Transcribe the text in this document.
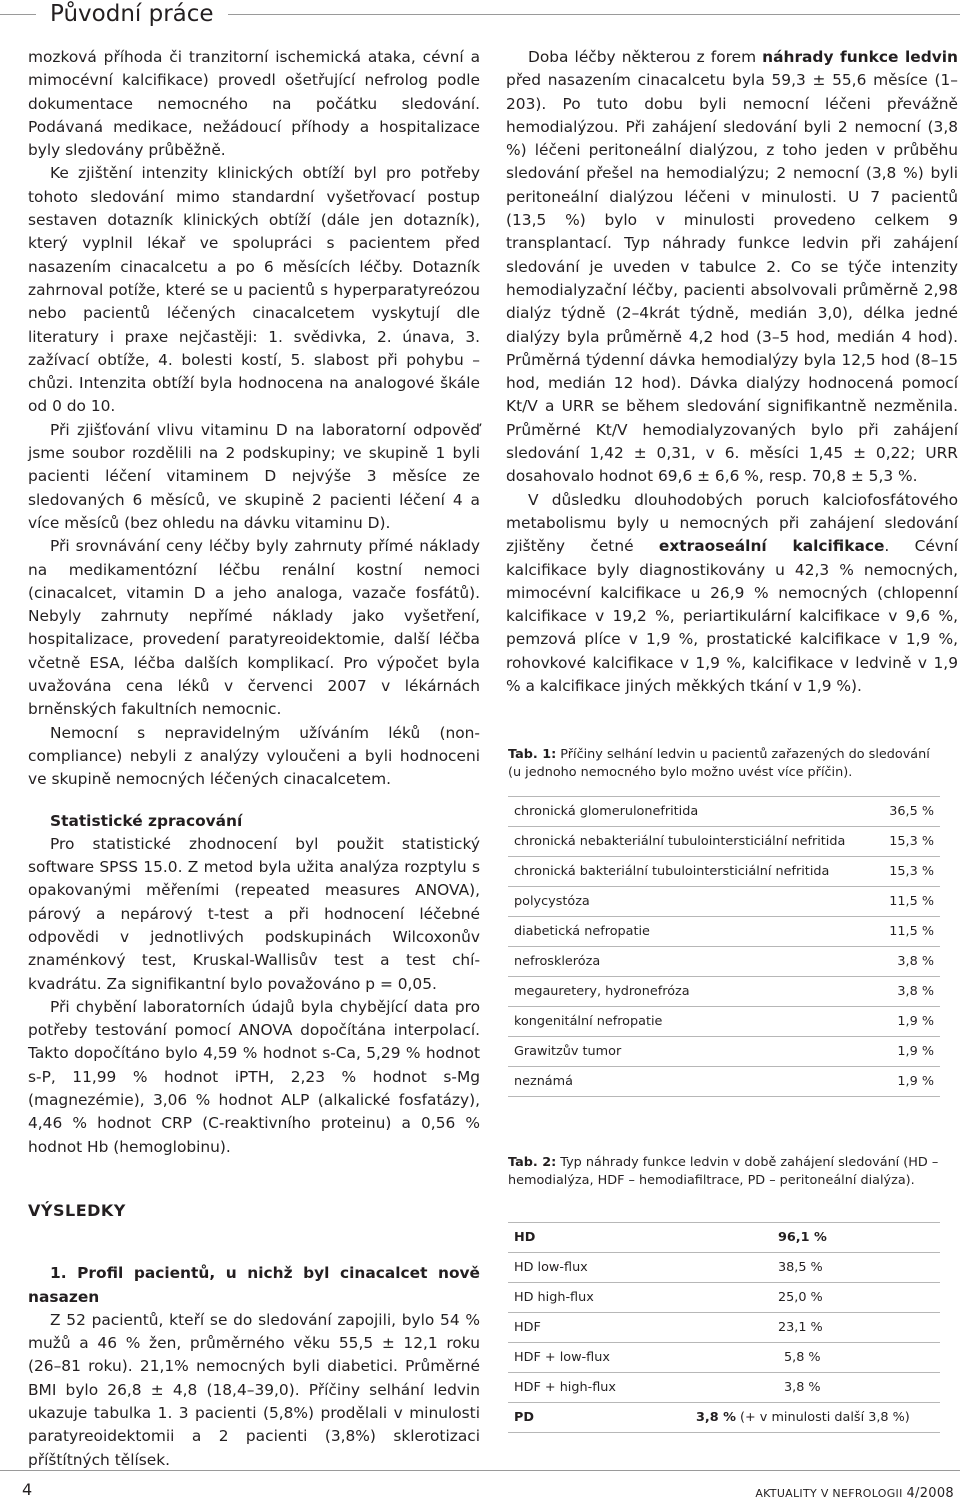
Původní práce

mozková příhoda či tranzitorní ischemická ataka, cévní a mimocévní kalcifikace) provedl ošetřující nefrolog podle dokumentace nemocného na počátku sledování. Podávaná medikace, nežádoucí příhody a hospitalizace byly sledovány průběžně.

Ke zjištění intenzity klinických obtíží byl pro potřeby tohoto sledování mimo standardní vyšetřovací postup sestaven dotazník klinických obtíží (dále jen dotazník), který vyplnil lékař ve spolupráci s pacientem před nasazením cinacalcetu a po 6 měsících léčby. Dotazník zahrnoval potíže, které se u pacientů s hyperparatyreózou nebo pacientů léčených cinacalcetem vyskytují dle literatury i praxe nejčastěji: 1. svědivka, 2. únava, 3. zažívací obtíže, 4. bolesti kostí, 5. slabost při pohybu – chůzi. Intenzita obtíží byla hodnocena na analogové škále od 0 do 10.

Při zjišťování vlivu vitaminu D na laboratorní odpověď jsme soubor rozdělili na 2 podskupiny; ve skupině 1 byli pacienti léčení vitaminem D nejvýše 3 měsíce ze sledovaných 6 měsíců, ve skupině 2 pacienti léčení 4 a více měsíců (bez ohledu na dávku vitaminu D).

Při srovnávání ceny léčby byly zahrnuty přímé náklady na medikamentózní léčbu renální kostní nemoci (cinacalcet, vitamin D a jeho analoga, vazače fosfátů). Nebyly zahrnuty nepřímé náklady jako vyšetření, hospitalizace, provedení paratyreoidektomie, další léčba včetně ESA, léčba dalších komplikací. Pro výpočet byla uvažována cena léků v červenci 2007 v lékárnách brněnských fakultních nemocnic.

Nemocní s nepravidelným užíváním léků (non-compliance) nebyli z analýzy vyloučeni a byli hodnoceni ve skupině nemocných léčených cinacalcetem.

Statistické zpracování

Pro statistické zhodnocení byl použit statistický software SPSS 15.0. Z metod byla užita analýza rozptylu s opakovanými měřeními (repeated measures ANOVA), párový a nepárový t-test a při hodnocení léčebné odpovědi v jednotlivých podskupinách Wilcoxonův znaménkový test, Kruskal-Wallisův test a test chí-kvadrátu. Za signifikantní bylo považováno p = 0,05.

Při chybění laboratorních údajů byla chybějící data pro potřeby testování pomocí ANOVA dopočítána interpolací. Takto dopočítáno bylo 4,59 % hodnot s-Ca, 5,29 % hodnot s-P, 11,99 % hodnot iPTH, 2,23 % hodnot s-Mg (magnezémie), 3,06 % hodnot ALP (alkalické fosfatázy), 4,46 % hodnot CRP (C-reaktivního proteinu) a 0,56 % hodnot Hb (hemoglobinu).

VÝSLEDKY

1. Profil pacientů, u nichž byl cinacalcet nově nasazen

Z 52 pacientů, kteří se do sledování zapojili, bylo 54 % mužů a 46 % žen, průměrného věku 55,5 ± 12,1 roku (26–81 roku). 21,1% nemocných byli diabetici. Průměrné BMI bylo 26,8 ± 4,8 (18,4–39,0). Příčiny selhání ledvin ukazuje tabulka 1. 3 pacienti (5,8%) prodělali v minulosti paratyreoidektomii a 2 pacienti (3,8%) sklerotizaci příštítných tělísek.

Doba léčby některou z forem náhrady funkce ledvin před nasazením cinacalcetu byla 59,3 ± 55,6 měsíce (1–203). Po tuto dobu byli nemocní léčeni převážně hemodialýzou. Při zahájení sledování byli 2 nemocní (3,8 %) léčeni peritoneální dialýzou, z toho jeden v průběhu sledování přešel na hemodialýzu; 2 nemocní (3,8 %) byli peritoneální dialýzou léčeni v minulosti. U 7 pacientů (13,5 %) bylo v minulosti provedeno celkem 9 transplantací. Typ náhrady funkce ledvin při zahájení sledování je uveden v tabulce 2. Co se týče intenzity hemodialyzační léčby, pacienti absolvovali průměrně 2,98 dialýz týdně (2–4krát týdně, medián 3,0), délka jedné dialýzy byla průměrně 4,2 hod (3–5 hod, medián 4 hod). Průměrná týdenní dávka hemodialýzy byla 12,5 hod (8–15 hod, medián 12 hod). Dávka dialýzy hodnocená pomocí Kt/V a URR se během sledování signifikantně nezměnila. Průměrné Kt/V hemodialyzovaných bylo při zahájení sledování 1,42 ± 0,31, v 6. měsíci 1,45 ± 0,22; URR dosahovalo hodnot 69,6 ± 6,6 %, resp. 70,8 ± 5,3 %.

V důsledku dlouhodobých poruch kalciofosfátového metabolismu byly u nemocných při zahájení sledování zjištěny četné extraoseální kalcifikace. Cévní kalcifikace byly diagnostikovány u 42,3 % nemocných, mimocévní kalcifikace u 26,9 % nemocných (chlopenní kalcifikace v 19,2 %, periartikulární kalcifikace v 9,6 %, pemzová plíce v 1,9 %, prostatické kalcifikace v 1,9 %, rohovkové kalcifikace v 1,9 %, kalcifikace v ledvině v 1,9 % a kalcifikace jiných měkkých tkání v 1,9 %).

Tab. 1: Příčiny selhání ledvin u pacientů zařazených do sledování (u jednoho nemocného bylo možno uvést více příčin).

chronická glomerulonefritida	36,5 %
chronická nebakteriální tubulointersticiální nefritida	15,3 %
chronická bakteriální tubulointersticiální nefritida	15,3 %
polycystóza	11,5 %
diabetická nefropatie	11,5 %
nefroskleróza	3,8 %
megauretery, hydronefróza	3,8 %
kongenitální nefropatie	1,9 %
Grawitzův tumor	1,9 %
neznámá	1,9 %

Tab. 2: Typ náhrady funkce ledvin v době zahájení sledování (HD – hemodialýza, HDF – hemodiafiltrace, PD – peritoneální dialýza).

HD	96,1 %
HD low-flux	38,5 %
HD high-flux	25,0 %
HDF	23,1 %
HDF + low-flux	5,8 %
HDF + high-flux	3,8 %
PD	3,8 % (+ v minulosti další 3,8 %)
4	AKTUALITY V NEFROLOGII 4/2008
